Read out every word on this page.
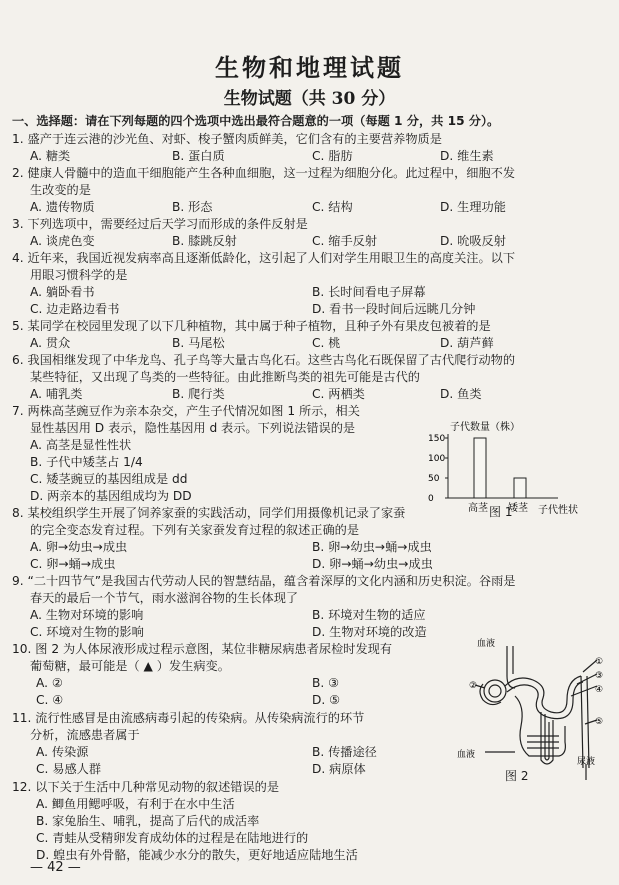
生物和地理试题
生物试题（共 30 分）
一、选择题：请在下列每题的四个选项中选出最符合题意的一项（每题 1 分，共 15 分）。
1. 盛产于连云港的沙光鱼、对虾、梭子蟹肉质鲜美，它们含有的主要营养物质是
A. 糖类	B. 蛋白质	C. 脂肪	D. 维生素
2. 健康人骨髓中的造血干细胞能产生各种血细胞，这一过程为细胞分化。此过程中，细胞不发
生改变的是
A. 遗传物质	B. 形态	C. 结构	D. 生理功能
3. 下列选项中，需要经过后天学习而形成的条件反射是
A. 谈虎色变	B. 膝跳反射	C. 缩手反射	D. 吮吸反射
4. 近年来，我国近视发病率高且逐渐低龄化，这引起了人们对学生用眼卫生的高度关注。以下
用眼习惯科学的是
A. 躺卧看书	B. 长时间看电子屏幕
C. 边走路边看书	D. 看书一段时间后远眺几分钟
5. 某同学在校园里发现了以下几种植物，其中属于种子植物，且种子外有果皮包被着的是
A. 贯众	B. 马尾松	C. 桃	D. 葫芦藓
6. 我国相继发现了中华龙鸟、孔子鸟等大量古鸟化石。这些古鸟化石既保留了古代爬行动物的
某些特征，又出现了鸟类的一些特征。由此推断鸟类的祖先可能是古代的
A. 哺乳类	B. 爬行类	C. 两栖类	D. 鱼类
7. 两株高茎豌豆作为亲本杂交，产生子代情况如图 1 所示，相关
显性基因用 D 表示，隐性基因用 d 表示。下列说法错误的是
A. 高茎是显性性状
B. 子代中矮茎占 1/4
C. 矮茎豌豆的基因组成是 dd
D. 两亲本的基因组成均为 DD
子代数量（株）
150
100
50
0
高茎 矮茎 子代性状
图 1
8. 某校组织学生开展了饲养家蚕的实践活动，同学们用摄像机记录了家蚕
的完全变态发育过程。下列有关家蚕发育过程的叙述正确的是
A. 卵→幼虫→成虫	B. 卵→幼虫→蛹→成虫
C. 卵→蛹→成虫	D. 卵→蛹→幼虫→成虫
9. “二十四节气”是我国古代劳动人民的智慧结晶，蕴含着深厚的文化内涵和历史积淀。谷雨是
春天的最后一个节气，雨水滋润谷物的生长体现了
A. 生物对环境的影响	B. 环境对生物的适应
C. 环境对生物的影响	D. 生物对环境的改造
10. 图 2 为人体尿液形成过程示意图，某位非糖尿病患者尿检时发现有
葡萄糖，最可能是（ ▲ ）发生病变。
A. ②	B. ③
C. ④	D. ⑤
11. 流行性感冒是由流感病毒引起的传染病。从传染病流行的环节
分析，流感患者属于
A. 传染源	B. 传播途径
C. 易感人群	D. 病原体
12. 以下关于生活中几种常见动物的叙述错误的是
A. 鲫鱼用鳃呼吸，有利于在水中生活
B. 家兔胎生、哺乳，提高了后代的成活率
C. 青蛙从受精卵发育成幼体的过程是在陆地进行的
D. 蝗虫有外骨骼，能减少水分的散失，更好地适应陆地生活
血液
②
①
③
④
⑤
血液
尿液
图 2
— 42 —
